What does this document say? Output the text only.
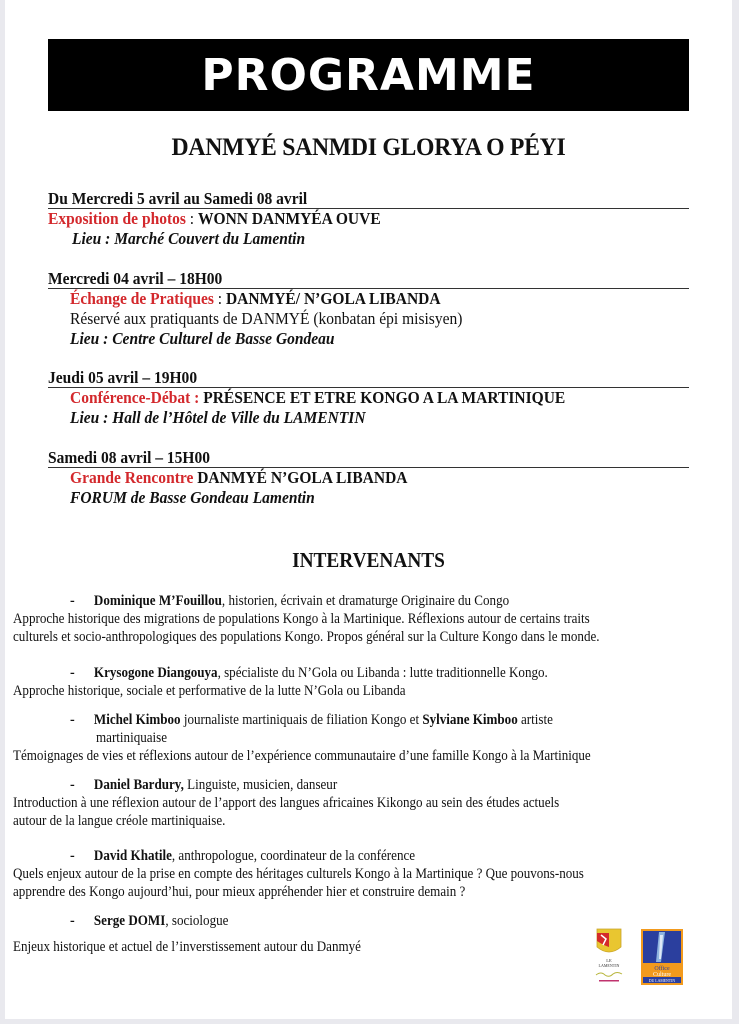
PROGRAMME
DANMYÉ SANMDI GLORYA O PÉYI
Du Mercredi 5 avril au Samedi 08 avril
Exposition de photos : WONN DANMYÉA OUVE
Lieu : Marché Couvert du Lamentin
Mercredi 04 avril – 18H00
Échange de Pratiques : DANMYÉ/ N’GOLA LIBANDA
Réservé aux pratiquants de DANMYÉ (konbatan épi misisyen)
Lieu : Centre Culturel de Basse Gondeau
Jeudi 05 avril – 19H00
Conférence-Débat : PRÉSENCE ET ETRE KONGO A LA MARTINIQUE
Lieu : Hall de l’Hôtel de Ville du LAMENTIN
Samedi 08 avril – 15H00
Grande Rencontre DANMYÉ N’GOLA LIBANDA
FORUM de Basse Gondeau Lamentin
INTERVENANTS
- Dominique M’Fouillou, historien, écrivain et dramaturge Originaire du Congo
Approche historique des migrations de populations Kongo à la Martinique. Réflexions autour de certains traits
culturels et socio-anthropologiques des populations Kongo. Propos général sur la Culture Kongo dans le monde.
- Krysogone Diangouya, spécialiste du N’Gola ou Libanda : lutte traditionnelle Kongo.
Approche historique, sociale et performative de la lutte N’Gola ou Libanda
- Michel Kimboo journaliste martiniquais de filiation Kongo et Sylviane Kimboo artiste
martiniquaise
Témoignages de vies et réflexions autour de l’expérience communautaire d’une famille Kongo à la Martinique
- Daniel Bardury, Linguiste, musicien, danseur
Introduction à une réflexion autour de l’apport des langues africaines Kikongo au sein des études actuels
autour de la langue créole martiniquaise.
- David Khatile, anthropologue, coordinateur de la conférence
Quels enjeux autour de la prise en compte des héritages culturels Kongo à la Martinique ? Que pouvons-nous
apprendre des Kongo aujourd’hui, pour mieux appréhender hier et construire demain ?
- Serge DOMI, sociologue
Enjeux historique et actuel de l’inverstissement autour du Danmyé
LE
LAMENTIN
Office
Culture
DU LAMENTIN
